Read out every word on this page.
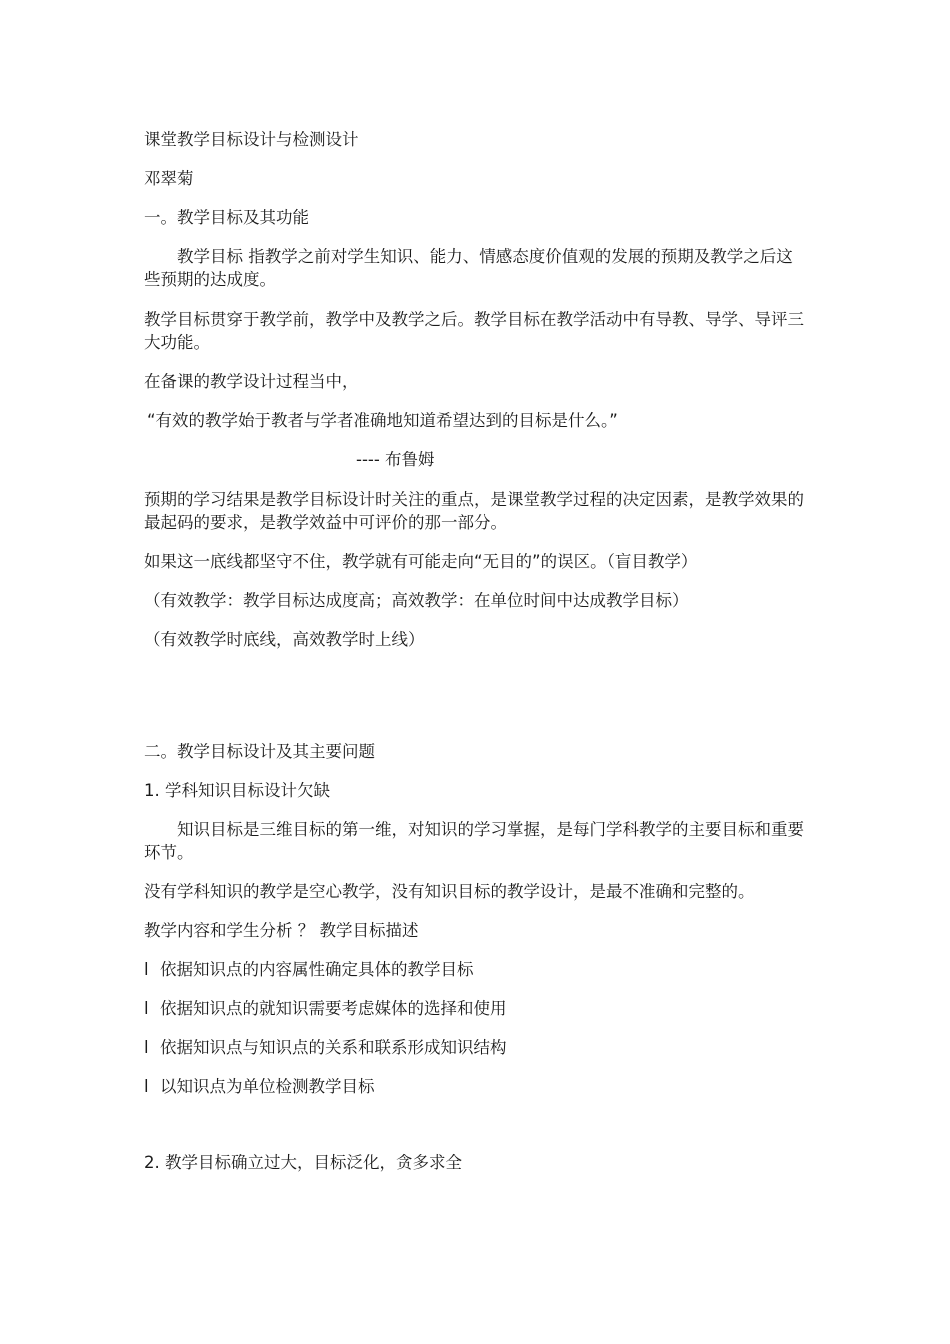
课堂教学目标设计与检测设计

邓翠菊

一。教学目标及其功能

教学目标 指教学之前对学生知识、能力、情感态度价值观的发展的预期及教学之后这些预期的达成度。

教学目标贯穿于教学前，教学中及教学之后。教学目标在教学活动中有导教、导学、导评三大功能。

在备课的教学设计过程当中，

“有效的教学始于教者与学者准确地知道希望达到的目标是什么。”

---- 布鲁姆

预期的学习结果是教学目标设计时关注的重点，是课堂教学过程的决定因素，是教学效果的最起码的要求，是教学效益中可评价的那一部分。

如果这一底线都坚守不住，教学就有可能走向“无目的”的误区。（盲目教学）

（有效教学：教学目标达成度高；高效教学：在单位时间中达成教学目标）

（有效教学时底线，高效教学时上线）

二。教学目标设计及其主要问题

1. 学科知识目标设计欠缺

知识目标是三维目标的第一维，对知识的学习掌握，是每门学科教学的主要目标和重要环节。

没有学科知识的教学是空心教学，没有知识目标的教学设计，是最不准确和完整的。

教学内容和学生分析 ？ 教学目标描述

l 依据知识点的内容属性确定具体的教学目标

l 依据知识点的就知识需要考虑媒体的选择和使用

l 依据知识点与知识点的关系和联系形成知识结构

l 以知识点为单位检测教学目标

2. 教学目标确立过大，目标泛化，贪多求全
